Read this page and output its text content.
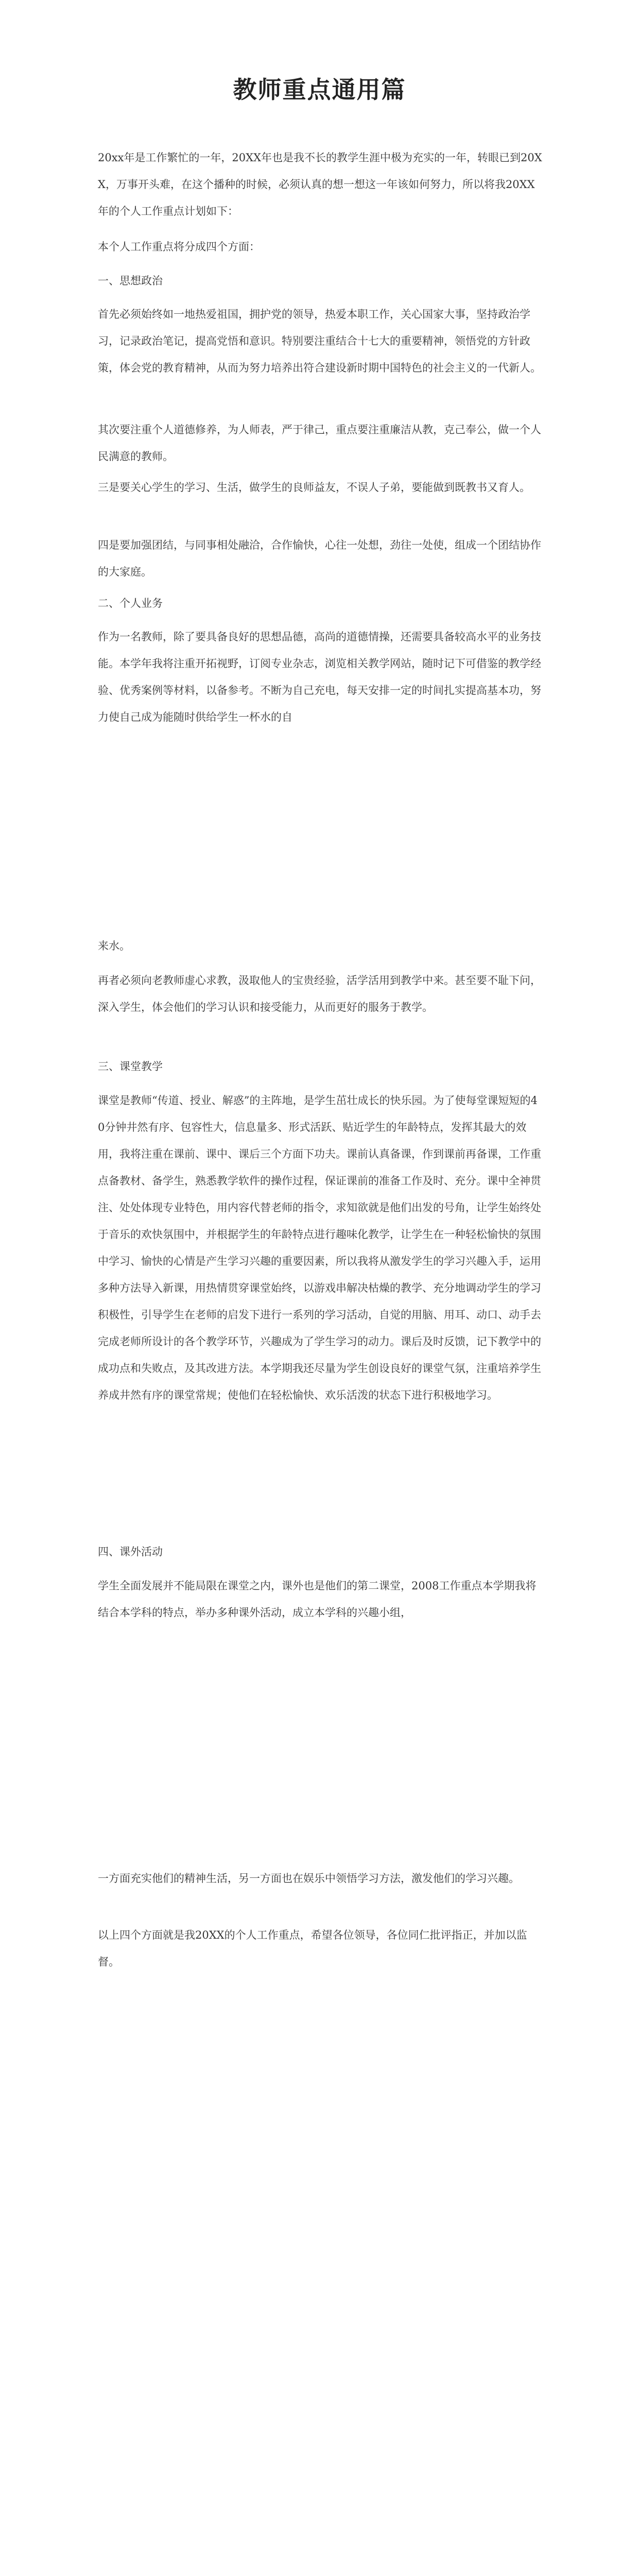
教师重点通用篇

20xx年是工作繁忙的一年，20XX年也是我不长的教学生涯中极为充实的一年，转眼已到20XX，万事开头难，在这个播种的时候，必须认真的想一想这一年该如何努力，所以将我20XX年的个人工作重点计划如下：

本个人工作重点将分成四个方面：

一、思想政治

首先必须始终如一地热爱祖国，拥护党的领导，热爱本职工作，关心国家大事，坚持政治学习，记录政治笔记，提高党悟和意识。特别要注重结合十七大的重要精神，领悟党的方针政策，体会党的教育精神，从而为努力培养出符合建设新时期中国特色的社会主义的一代新人。

其次要注重个人道德修养，为人师表，严于律己，重点要注重廉洁从教，克己奉公，做一个人民满意的教师。

三是要关心学生的学习、生活，做学生的良师益友，不误人子弟，要能做到既教书又育人。

四是要加强团结，与同事相处融洽，合作愉快，心往一处想，劲往一处使，组成一个团结协作的大家庭。

二、个人业务

作为一名教师，除了要具备良好的思想品德，高尚的道德情操，还需要具备较高水平的业务技能。本学年我将注重开拓视野，订阅专业杂志，浏览相关教学网站，随时记下可借鉴的教学经验、优秀案例等材料，以备参考。不断为自己充电，每天安排一定的时间扎实提高基本功，努力使自己成为能随时供给学生一杯水的自

来水。

再者必须向老教师虚心求教，汲取他人的宝贵经验，活学活用到教学中来。甚至要不耻下问，深入学生，体会他们的学习认识和接受能力，从而更好的服务于教学。

三、课堂教学

课堂是教师“传道、授业、解惑”的主阵地，是学生茁壮成长的快乐园。为了使每堂课短短的40分钟井然有序、包容性大，信息量多、形式活跃、贴近学生的年龄特点，发挥其最大的效用，我将注重在课前、课中、课后三个方面下功夫。课前认真备课，作到课前再备课，工作重点备教材、备学生，熟悉教学软件的操作过程，保证课前的准备工作及时、充分。课中全神贯注、处处体现专业特色，用内容代替老师的指令，求知欲就是他们出发的号角，让学生始终处于音乐的欢快氛围中，并根据学生的年龄特点进行趣味化教学，让学生在一种轻松愉快的氛围中学习、愉快的心情是产生学习兴趣的重要因素，所以我将从激发学生的学习兴趣入手，运用多种方法导入新课，用热情贯穿课堂始终，以游戏串解决枯燥的教学、充分地调动学生的学习积极性，引导学生在老师的启发下进行一系列的学习活动，自觉的用脑、用耳、动口、动手去完成老师所设计的各个教学环节，兴趣成为了学生学习的动力。课后及时反馈，记下教学中的成功点和失败点，及其改进方法。本学期我还尽量为学生创设良好的课堂气氛，注重培养学生养成井然有序的课堂常规；使他们在轻松愉快、欢乐活泼的状态下进行积极地学习。

四、课外活动

学生全面发展并不能局限在课堂之内，课外也是他们的第二课堂，2008工作重点本学期我将结合本学科的特点，举办多种课外活动，成立本学科的兴趣小组，

一方面充实他们的精神生活，另一方面也在娱乐中领悟学习方法，激发他们的学习兴趣。

以上四个方面就是我20XX的个人工作重点，希望各位领导，各位同仁批评指正，并加以监督。
